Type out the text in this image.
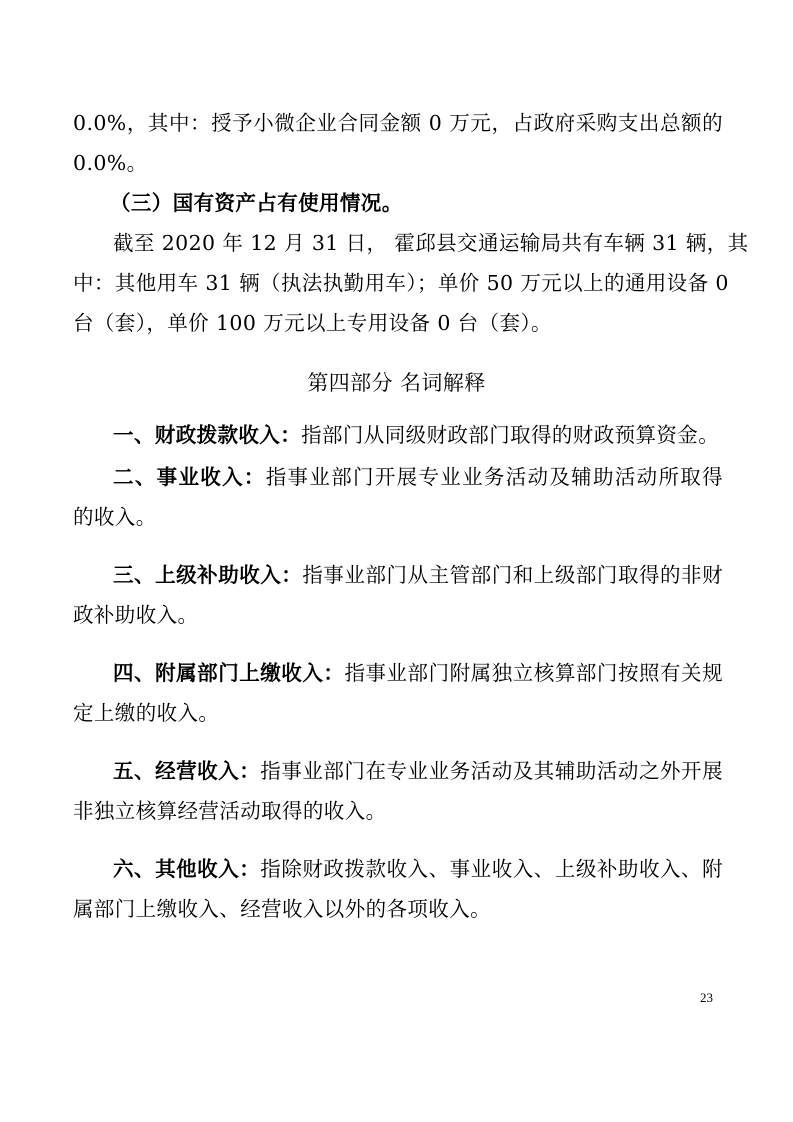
0.0%，其中：授予小微企业合同金额 0 万元，占政府采购支出总额的
0.0%。
（三）国有资产占有使用情况。
截至 2020 年 12 月 31 日， 霍邱县交通运输局共有车辆 31 辆，其
中：其他用车 31 辆（执法执勤用车）；单价 50 万元以上的通用设备 0
台（套），单价 100 万元以上专用设备 0 台（套）。
第四部分 名词解释
一、财政拨款收入：指部门从同级财政部门取得的财政预算资金。
二、事业收入：指事业部门开展专业业务活动及辅助活动所取得
的收入。
三、上级补助收入：指事业部门从主管部门和上级部门取得的非财
政补助收入。
四、附属部门上缴收入：指事业部门附属独立核算部门按照有关规
定上缴的收入。
五、经营收入：指事业部门在专业业务活动及其辅助活动之外开展
非独立核算经营活动取得的收入。
六、其他收入：指除财政拨款收入、事业收入、上级补助收入、附
属部门上缴收入、经营收入以外的各项收入。
23
